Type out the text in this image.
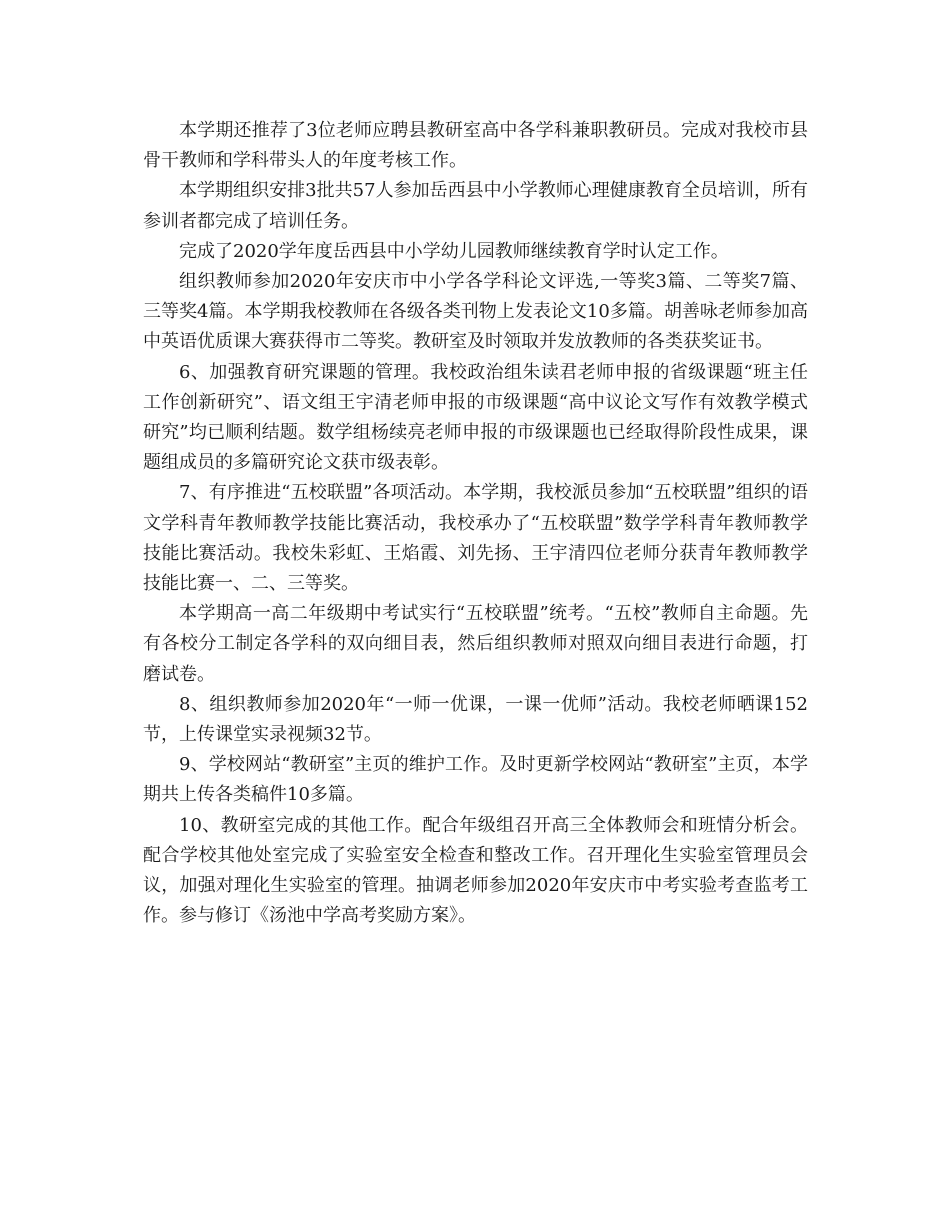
本学期还推荐了3位老师应聘县教研室高中各学科兼职教研员。完成对我校市县骨干教师和学科带头人的年度考核工作。

本学期组织安排3批共57人参加岳西县中小学教师心理健康教育全员培训，所有参训者都完成了培训任务。

完成了2020学年度岳西县中小学幼儿园教师继续教育学时认定工作。

组织教师参加2020年安庆市中小学各学科论文评选,一等奖3篇、二等奖7篇、三等奖4篇。本学期我校教师在各级各类刊物上发表论文10多篇。胡善咏老师参加高中英语优质课大赛获得市二等奖。教研室及时领取并发放教师的各类获奖证书。

6、加强教育研究课题的管理。我校政治组朱读君老师申报的省级课题“班主任工作创新研究”、语文组王宇清老师申报的市级课题“高中议论文写作有效教学模式研究”均已顺利结题。数学组杨续亮老师申报的市级课题也已经取得阶段性成果，课题组成员的多篇研究论文获市级表彰。

7、有序推进“五校联盟”各项活动。本学期，我校派员参加“五校联盟”组织的语文学科青年教师教学技能比赛活动，我校承办了“五校联盟”数学学科青年教师教学技能比赛活动。我校朱彩虹、王焰霞、刘先扬、王宇清四位老师分获青年教师教学技能比赛一、二、三等奖。

本学期高一高二年级期中考试实行“五校联盟”统考。“五校”教师自主命题。先有各校分工制定各学科的双向细目表，然后组织教师对照双向细目表进行命题，打磨试卷。

8、组织教师参加2020年“一师一优课，一课一优师”活动。我校老师晒课152节，上传课堂实录视频32节。

9、学校网站“教研室”主页的维护工作。及时更新学校网站“教研室”主页，本学期共上传各类稿件10多篇。

10、教研室完成的其他工作。配合年级组召开高三全体教师会和班情分析会。配合学校其他处室完成了实验室安全检查和整改工作。召开理化生实验室管理员会议，加强对理化生实验室的管理。抽调老师参加2020年安庆市中考实验考查监考工作。参与修订《汤池中学高考奖励方案》。
